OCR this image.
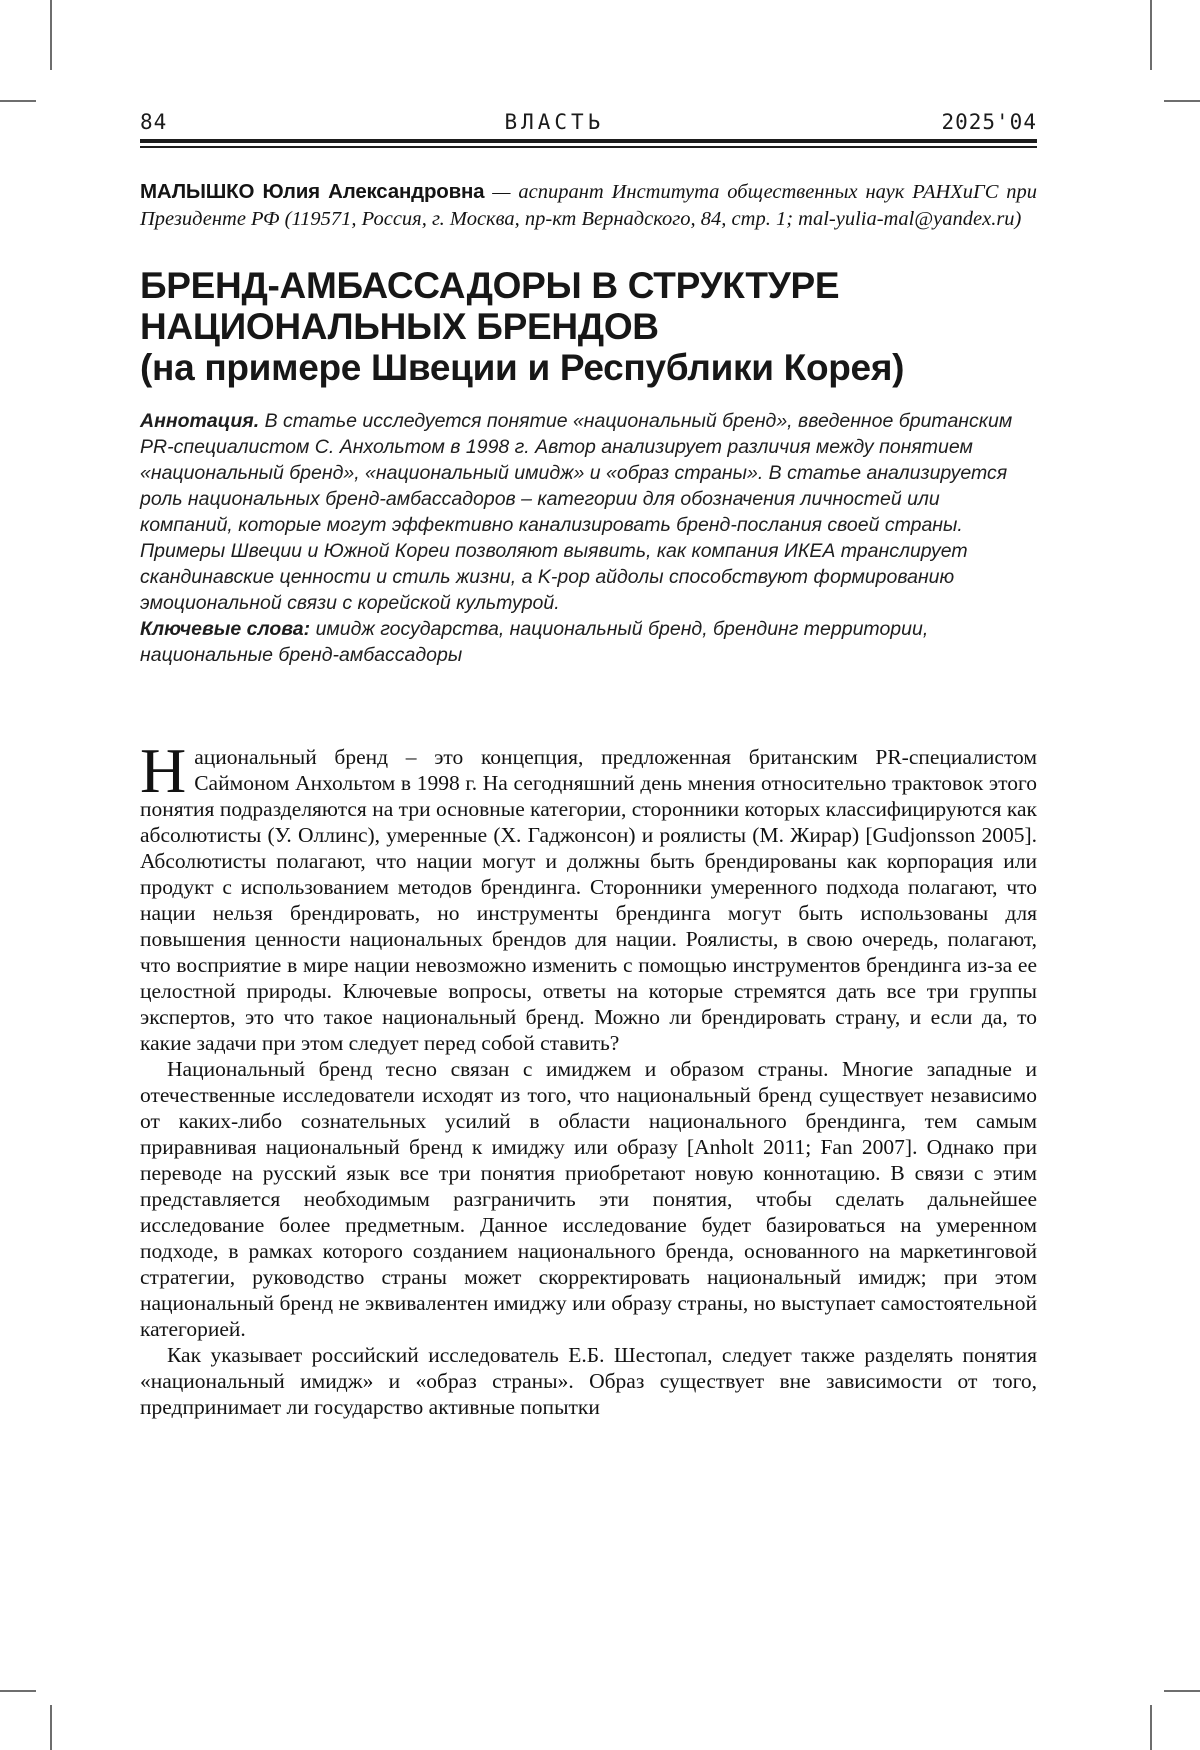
84	ВЛАСТЬ	2025'04
МАЛЫШКО Юлия Александровна — аспирант Института общественных наук РАНХиГС при Президенте РФ (119571, Россия, г. Москва, пр-кт Вернадского, 84, стр. 1; mal-yulia-mal@yandex.ru)
БРЕНД-АМБАССАДОРЫ В СТРУКТУРЕ
НАЦИОНАЛЬНЫХ БРЕНДОВ
(на примере Швеции и Республики Корея)
Аннотация. В статье исследуется понятие «национальный бренд», введенное британским PR-специалистом С. Анхольтом в 1998 г. Автор анализирует различия между понятием «национальный бренд», «национальный имидж» и «образ страны». В статье анализируется роль национальных бренд-амбассадоров – категории для обозначения личностей или компаний, которые могут эффективно канализировать бренд-послания своей страны. Примеры Швеции и Южной Кореи позволяют выявить, как компания ИКЕА транслирует скандинавские ценности и стиль жизни, а K-pop айдолы способствуют формированию эмоциональной связи с корейской культурой.
Ключевые слова: имидж государства, национальный бренд, брендинг территории, национальные бренд-амбассадоры

Национальный бренд – это концепция, предложенная британским PR-специалистом Саймоном Анхольтом в 1998 г. На сегодняшний день мнения относительно трактовок этого понятия подразделяются на три основные категории, сторонники которых классифицируются как абсолютисты (У. Оллинс), умеренные (Х. Гаджонсон) и роялисты (М. Жирар) [Gudjonsson 2005]. Абсолютисты полагают, что нации могут и должны быть брендированы как корпорация или продукт с использованием методов брендинга. Сторонники умеренного подхода полагают, что нации нельзя брендировать, но инструменты брендинга могут быть использованы для повышения ценности национальных брендов для нации. Роялисты, в свою очередь, полагают, что восприятие в мире нации невозможно изменить с помощью инструментов брендинга из-за ее целостной природы. Ключевые вопросы, ответы на которые стремятся дать все три группы экспертов, это что такое национальный бренд. Можно ли брендировать страну, и если да, то какие задачи при этом следует перед собой ставить?

Национальный бренд тесно связан с имиджем и образом страны. Многие западные и отечественные исследователи исходят из того, что национальный бренд существует независимо от каких-либо сознательных усилий в области национального брендинга, тем самым приравнивая национальный бренд к имиджу или образу [Anholt 2011; Fan 2007]. Однако при переводе на русский язык все три понятия приобретают новую коннотацию. В связи с этим представляется необходимым разграничить эти понятия, чтобы сделать дальнейшее исследование более предметным. Данное исследование будет базироваться на умеренном подходе, в рамках которого созданием национального бренда, основанного на маркетинговой стратегии, руководство страны может скорректировать национальный имидж; при этом национальный бренд не эквивалентен имиджу или образу страны, но выступает самостоятельной категорией.

Как указывает российский исследователь Е.Б. Шестопал, следует также разделять понятия «национальный имидж» и «образ страны». Образ существует вне зависимости от того, предпринимает ли государство активные попытки
